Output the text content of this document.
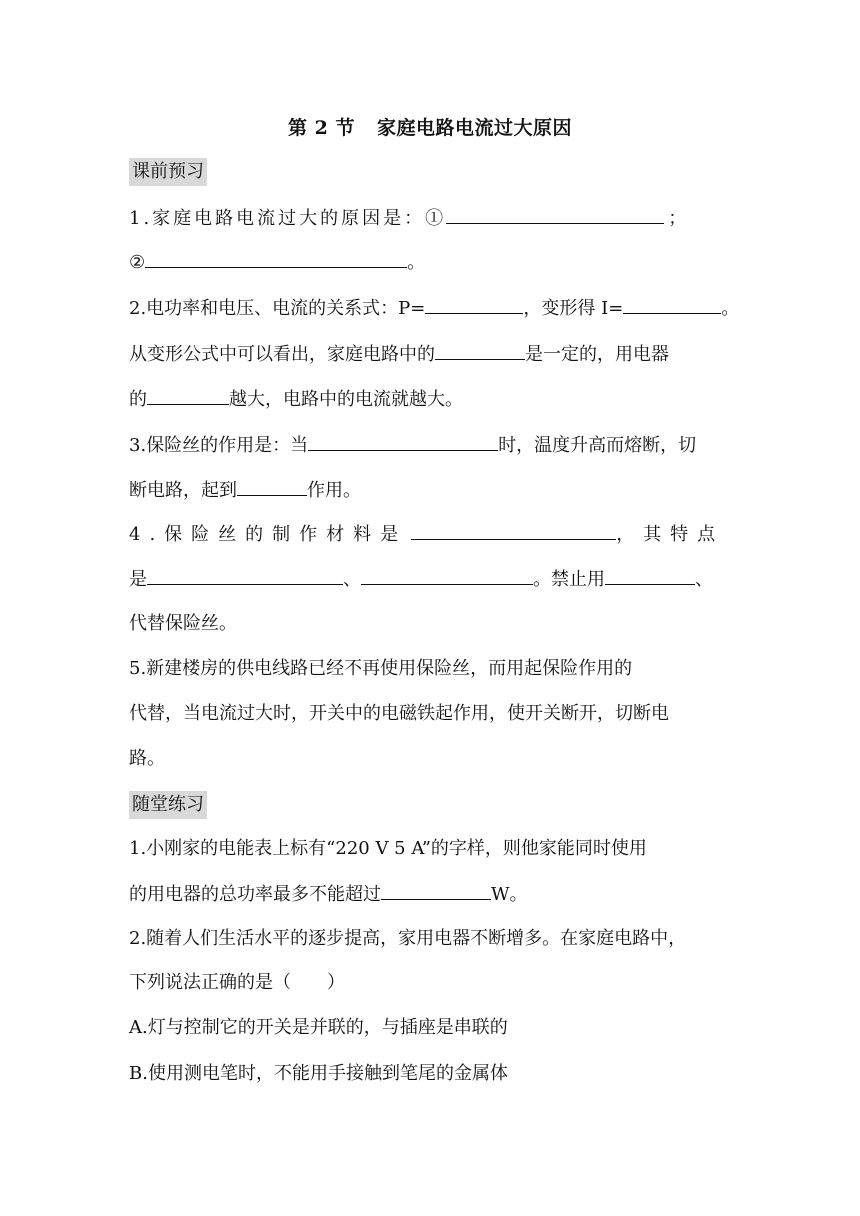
第 2 节 家庭电路电流过大原因
课前预习
1.家庭电路电流过大的原因是：①	；
②	。
2.电功率和电压、电流的关系式：P=	，变形得 I=	。
从变形公式中可以看出，家庭电路中的	是一定的，用电器
的	越大，电路中的电流就越大。
3.保险丝的作用是：当	时，温度升高而熔断，切
断电路，起到	作用。
4.保险丝的制作材料是	，其特点
是	、	。禁止用	、
代替保险丝。
5.新建楼房的供电线路已经不再使用保险丝，而用起保险作用的
代替，当电流过大时，开关中的电磁铁起作用，使开关断开，切断电
路。
随堂练习
1.小刚家的电能表上标有“220 V 5 A”的字样，则他家能同时使用
的用电器的总功率最多不能超过	W。
2.随着人们生活水平的逐步提高，家用电器不断增多。在家庭电路中，
下列说法正确的是（　　）
A.灯与控制它的开关是并联的，与插座是串联的
B.使用测电笔时，不能用手接触到笔尾的金属体
